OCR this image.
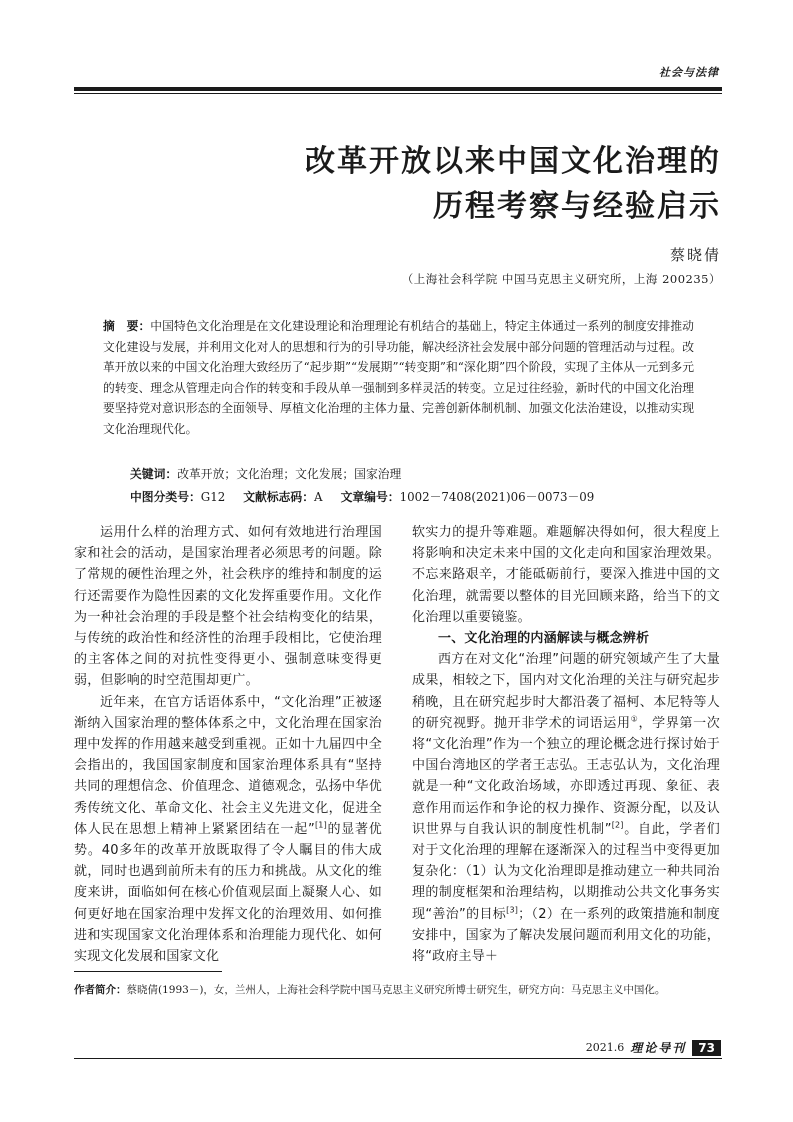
社会与法律
改革开放以来中国文化治理的
历程考察与经验启示
蔡晓倩
（上海社会科学院 中国马克思主义研究所，上海 200235）
摘　要：中国特色文化治理是在文化建设理论和治理理论有机结合的基础上，特定主体通过一系列的制度安排推动文化建设与发展，并利用文化对人的思想和行为的引导功能，解决经济社会发展中部分问题的管理活动与过程。改革开放以来的中国文化治理大致经历了“起步期”“发展期”“转变期”和“深化期”四个阶段，实现了主体从一元到多元的转变、理念从管理走向合作的转变和手段从单一强制到多样灵活的转变。立足过往经验，新时代的中国文化治理要坚持党对意识形态的全面领导、厚植文化治理的主体力量、完善创新体制机制、加强文化法治建设，以推动实现文化治理现代化。
关键词：改革开放；文化治理；文化发展；国家治理
中图分类号：G12 文献标志码：A 文章编号：1002－7408(2021)06－0073－09

运用什么样的治理方式、如何有效地进行治理国家和社会的活动，是国家治理者必须思考的问题。除了常规的硬性治理之外，社会秩序的维持和制度的运行还需要作为隐性因素的文化发挥重要作用。文化作为一种社会治理的手段是整个社会结构变化的结果，与传统的政治性和经济性的治理手段相比，它使治理的主客体之间的对抗性变得更小、强制意味变得更弱，但影响的时空范围却更广。

近年来，在官方话语体系中，“文化治理”正被逐渐纳入国家治理的整体体系之中，文化治理在国家治理中发挥的作用越来越受到重视。正如十九届四中全会指出的，我国国家制度和国家治理体系具有“坚持共同的理想信念、价值理念、道德观念，弘扬中华优秀传统文化、革命文化、社会主义先进文化，促进全体人民在思想上精神上紧紧团结在一起”[1]的显著优势。40多年的改革开放既取得了令人瞩目的伟大成就，同时也遇到前所未有的压力和挑战。从文化的维度来讲，面临如何在核心价值观层面上凝聚人心、如何更好地在国家治理中发挥文化的治理效用、如何推进和实现国家文化治理体系和治理能力现代化、如何实现文化发展和国家文化

软实力的提升等难题。难题解决得如何，很大程度上将影响和决定未来中国的文化走向和国家治理效果。不忘来路艰辛，才能砥砺前行，要深入推进中国的文化治理，就需要以整体的目光回顾来路，给当下的文化治理以重要镜鉴。

一、文化治理的内涵解读与概念辨析

西方在对文化“治理”问题的研究领域产生了大量成果，相较之下，国内对文化治理的关注与研究起步稍晚，且在研究起步时大都沿袭了福柯、本尼特等人的研究视野。抛开非学术的词语运用①，学界第一次将“文化治理”作为一个独立的理论概念进行探讨始于中国台湾地区的学者王志弘。王志弘认为，文化治理就是一种“文化政治场域，亦即透过再现、象征、表意作用而运作和争论的权力操作、资源分配，以及认识世界与自我认识的制度性机制”[2]。自此，学者们对于文化治理的理解在逐渐深入的过程当中变得更加复杂化：（1）认为文化治理即是推动建立一种共同治理的制度框架和治理结构，以期推动公共文化事务实现“善治”的目标[3]；（2）在一系列的政策措施和制度安排中，国家为了解决发展问题而利用文化的功能，将“政府主导＋

作者简介：蔡晓倩(1993－)，女，兰州人，上海社会科学院中国马克思主义研究所博士研究生，研究方向：马克思主义中国化。
2021.6 理论导刊	73
